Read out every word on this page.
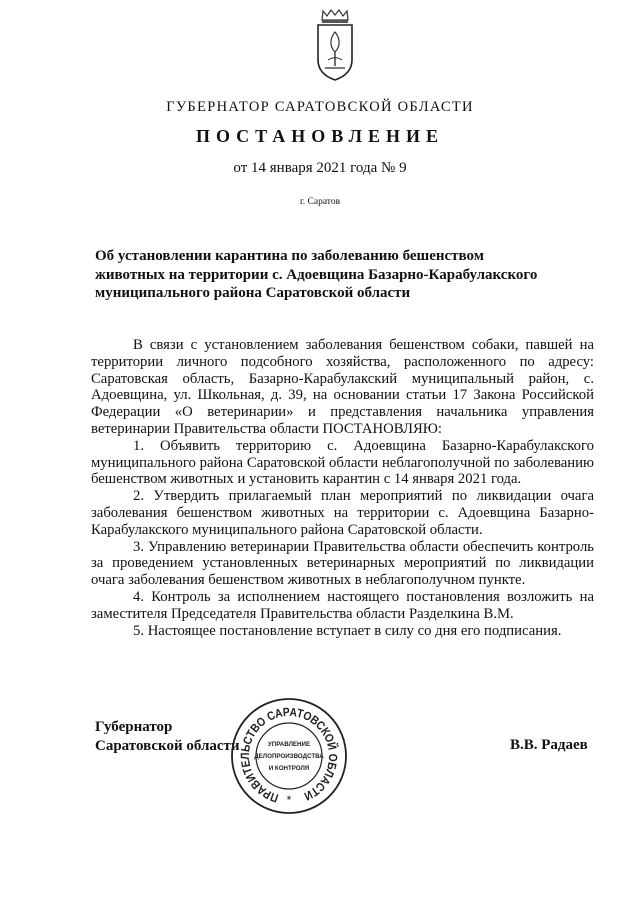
ГУБЕРНАТОР САРАТОВСКОЙ ОБЛАСТИ
ПОСТАНОВЛЕНИЕ
от 14 января 2021 года № 9
г. Саратов
Об установлении карантина по заболеванию бешенством
животных на территории с. Адоевщина Базарно-Карабулакского
муниципального района Саратовской области

В связи с установлением заболевания бешенством собаки, павшей на территории личного подсобного хозяйства, расположенного по адресу: Саратовская область, Базарно-Карабулакский муниципальный район, с. Адоевщина, ул. Школьная, д. 39, на основании статьи 17 Закона Российской Федерации «О ветеринарии» и представления начальника управления ветеринарии Правительства области ПОСТАНОВЛЯЮ:

1. Объявить территорию с. Адоевщина Базарно-Карабулакского муниципального района Саратовской области неблагополучной по заболеванию бешенством животных и установить карантин с 14 января 2021 года.

2. Утвердить прилагаемый план мероприятий по ликвидации очага заболевания бешенством животных на территории с. Адоевщина Базарно-Карабулакского муниципального района Саратовской области.

3. Управлению ветеринарии Правительства области обеспечить контроль за проведением установленных ветеринарных мероприятий по ликвидации очага заболевания бешенством животных в неблагополучном пункте.

4. Контроль за исполнением настоящего постановления возложить на заместителя Председателя Правительства области Разделкина В.М.

5. Настоящее постановление вступает в силу со дня его подписания.

Губернатор
Саратовской области
ПРАВИТЕЛЬСТВО САРАТОВСКОЙ ОБЛАСТИ
УПРАВЛЕНИЕ
ДЕЛОПРОИЗВОДСТВА
И КОНТРОЛЯ
*
В.В. Радаев
